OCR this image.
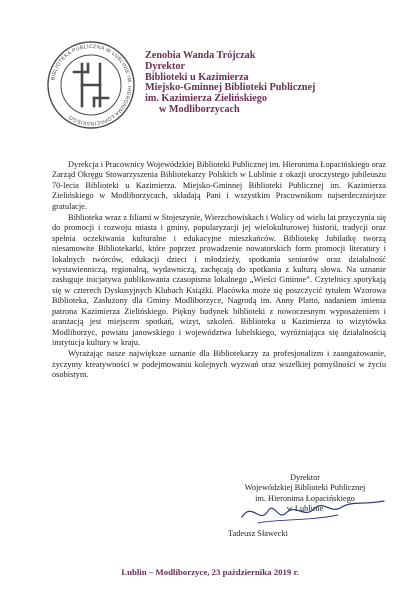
BIBLIOTEKA PUBLICZNA W LUBLINIE IM. HIERONIMA ŁOPACIŃSKIEGO
Zenobia Wanda Trójczak
Dyrektor
Biblioteki u Kazimierza
Miejsko-Gminnej Biblioteki Publicznej
im. Kazimierza Zielińskiego
w Modliborzycach

Dyrekcja i Pracownicy Wojewódzkiej Biblioteki Publicznej im. Hieronima Łopacińskiego oraz Zarząd Okręgu Stowarzyszenia Bibliotekarzy Polskich w Lublinie z okazji uroczystego jubileuszu 70-lecia Biblioteki u Kazimierza. Miejsko-Gminnej Biblioteki Publicznej im. Kazimierza Zielińskiego w Modliborzycach, składają Pani i wszystkim Pracownikom najserdeczniejsze gratulacje.

Biblioteka wraz z filiami w Stojeszynie, Wierzchowiskach i Wolicy od wielu lat przyczynia się do promocji i rozwoju miasta i gminy, popularyzacji jej wielokulturowej historii, tradycji oraz spełnia oczekiwania kulturalne i edukacyjne mieszkańców. Bibliotekę Jubilatkę tworzą niesamowite Bibliotekarki, które poprzez prowadzenie nowatorskich form promocji literatury i lokalnych twórców, edukacji dzieci i młodzieży, spotkania seniorów oraz działalność wystawienniczą, regionalną, wydawniczą, zachęcają do spotkania z kulturą słowa. Na uznanie zasługuje inicjatywa publikowania czasopisma lokalnego „Wieści Gminne”. Czytelnicy spotykają się w czterech Dyskusyjnych Klubach Książki. Placówka może się poszczycić tytułem Wzorowa Biblioteka, Zasłużony dla Gminy Modliborzyce, Nagrodą im. Anny Platto, nadaniem imienia patrona Kazimierza Zielińskiego. Piękny budynek biblioteki z nowoczesnym wyposażeniem i aranżacją jest miejscem spotkań, wizyt, szkoleń. Biblioteka u Kazimierza to wizytówka Modliborzyc, powiatu janowskiego i województwa lubelskiego, wyróżniająca się działalnością instytucja kultury w kraju.

Wyrażając nasze największe uznanie dla Bibliotekarzy za profesjonalizm i zaangażowanie, życzymy kreatywności w podejmowaniu kolejnych wyzwań oraz wszelkiej pomyślności w życiu osobistym.

Dyrektor
Wojewódzkiej Biblioteki Publicznej
im. Hieronima Łopacińskiego
w Lublinie
Tadeusz Sławecki
Lublin – Modliborzyce, 23 października 2019 r.
